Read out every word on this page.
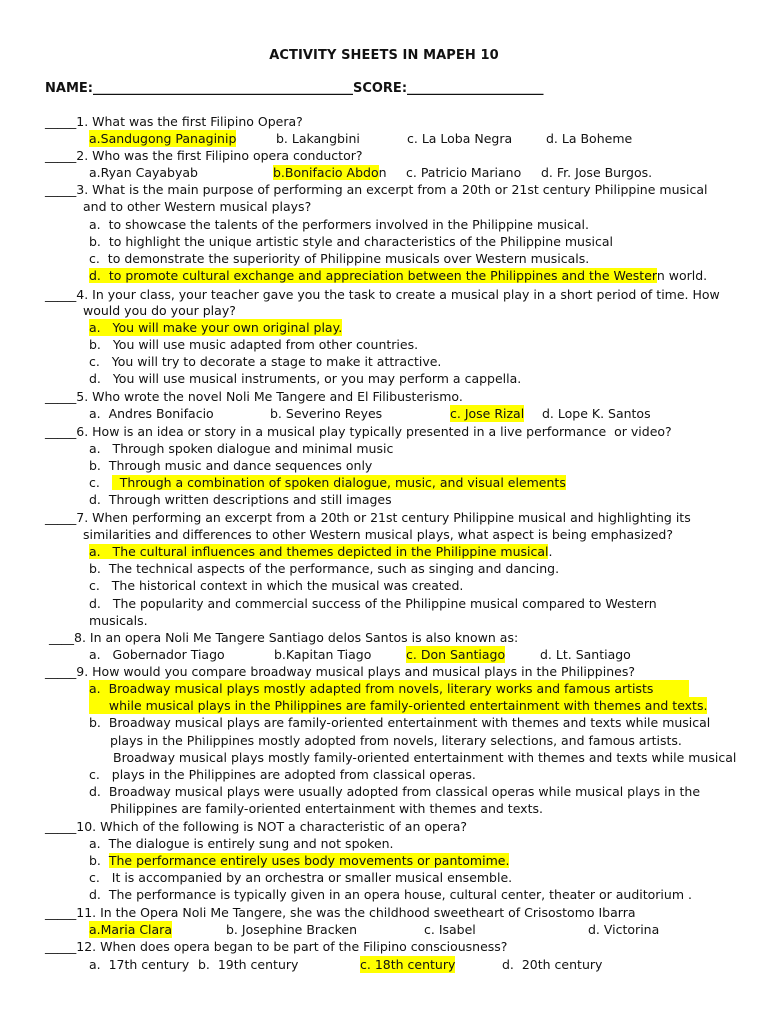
ACTIVITY SHEETS IN MAPEH 10
NAME:________________________________________SCORE:_____________________
_____1. What was the first Filipino Opera?
a.Sandugong Panaginip	b. Lakangbini	c. La Loba Negra	d. La Boheme
_____2. Who was the first Filipino opera conductor?
a.Ryan Cayabyab	b.Bonifacio Abdon c. Patricio Mariano d. Fr. Jose Burgos.
_____3. What is the main purpose of performing an excerpt from a 20th or 21st century Philippine musical
and to other Western musical plays?
a.  to showcase the talents of the performers involved in the Philippine musical.
b.  to highlight the unique artistic style and characteristics of the Philippine musical
c.  to demonstrate the superiority of Philippine musicals over Western musicals.
d.  to promote cultural exchange and appreciation between the Philippines and the Western world.
_____4. In your class, your teacher gave you the task to create a musical play in a short period of time. How
would you do your play?
a.   You will make your own original play.
b.   You will use music adapted from other countries.
c.   You will try to decorate a stage to make it attractive.
d.   You will use musical instruments, or you may perform a cappella.
_____5. Who wrote the novel Noli Me Tangere and El Filibusterismo.
a.  Andres Bonifacio	b. Severino Reyes	c. Jose Rizal d. Lope K. Santos
_____6. How is an idea or story in a musical play typically presented in a live performance  or video?
a.   Through spoken dialogue and minimal music
b.  Through music and dance sequences only
c.     Through a combination of spoken dialogue, music, and visual elements
d.  Through written descriptions and still images
_____7. When performing an excerpt from a 20th or 21st century Philippine musical and highlighting its
similarities and differences to other Western musical plays, what aspect is being emphasized?
a.   The cultural influences and themes depicted in the Philippine musical.
b.  The technical aspects of the performance, such as singing and dancing.
c.   The historical context in which the musical was created.
d.   The popularity and commercial success of the Philippine musical compared to Western
musicals.
____8. In an opera Noli Me Tangere Santiago delos Santos is also known as:
a.   Gobernador Tiago	b.Kapitan Tiago	c. Don Santiago	d. Lt. Santiago
_____9. How would you compare broadway musical plays and musical plays in the Philippines?
a.  Broadway musical plays mostly adapted from novels, literary works and famous artists
while musical plays in the Philippines are family-oriented entertainment with themes and texts.
b.  Broadway musical plays are family-oriented entertainment with themes and texts while musical
plays in the Philippines mostly adopted from novels, literary selections, and famous artists.
Broadway musical plays mostly family-oriented entertainment with themes and texts while musical
c.   plays in the Philippines are adopted from classical operas.
d.  Broadway musical plays were usually adopted from classical operas while musical plays in the
Philippines are family-oriented entertainment with themes and texts.
_____10. Which of the following is NOT a characteristic of an opera?
a.  The dialogue is entirely sung and not spoken.
b. The performance entirely uses body movements or pantomime.
c.   It is accompanied by an orchestra or smaller musical ensemble.
d.  The performance is typically given in an opera house, cultural center, theater or auditorium .
_____11. In the Opera Noli Me Tangere, she was the childhood sweetheart of Crisostomo Ibarra
a.Maria Clara	b. Josephine Bracken	c. Isabel	d. Victorina
_____12. When does opera began to be part of the Filipino consciousness?
a.  17th century b.  19th century	c. 18th century	d.  20th century
